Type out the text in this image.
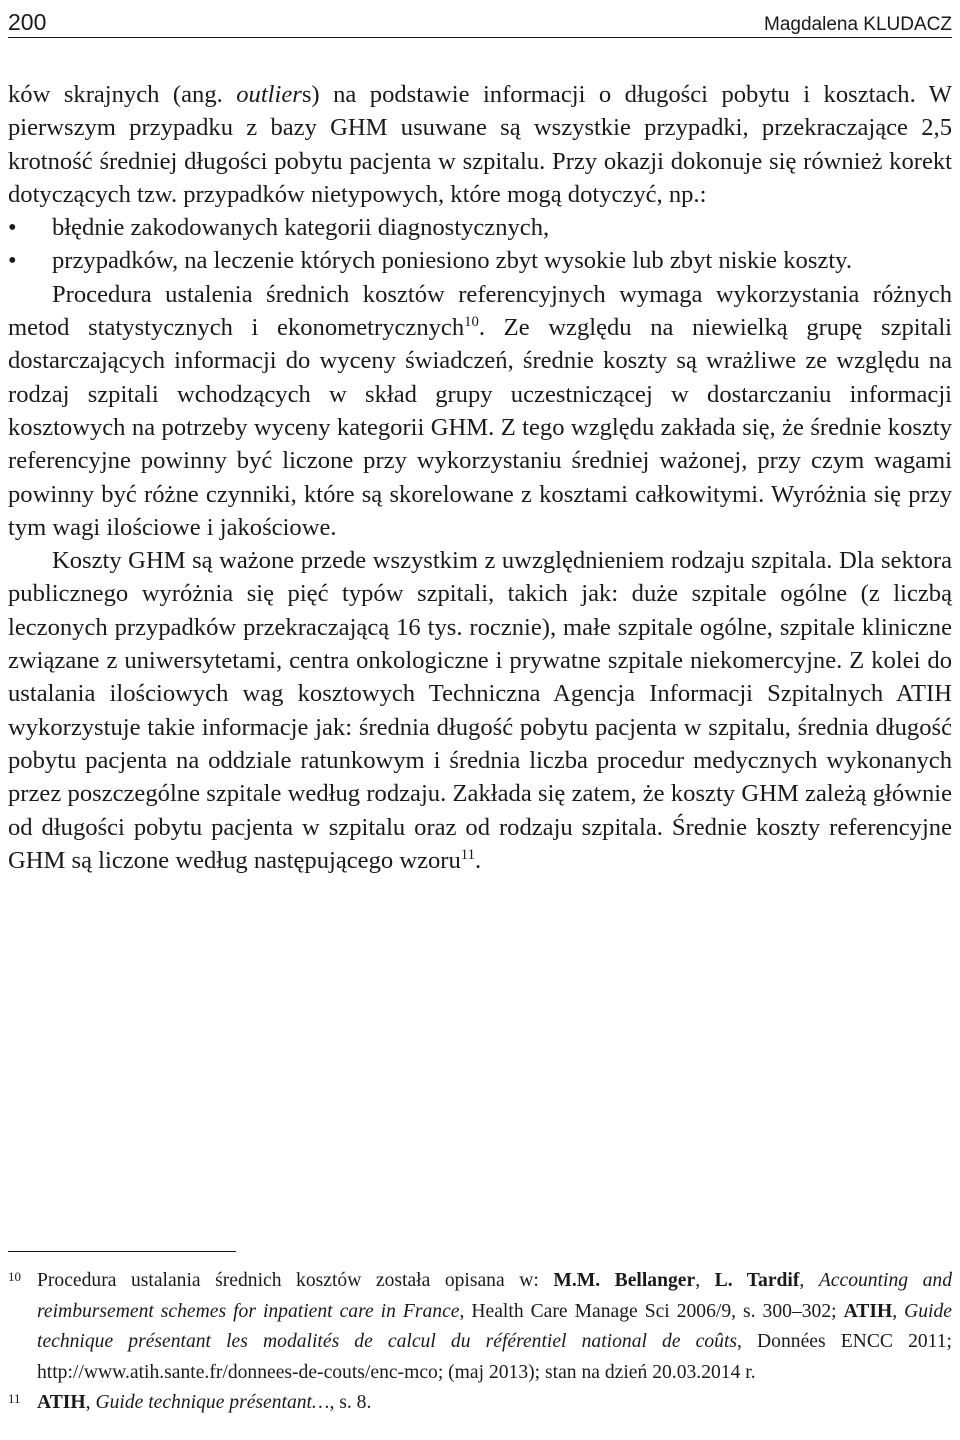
200	Magdalena KLUDACZ

ków skrajnych (ang. outliers) na podstawie informacji o długości pobytu i kosztach. W pierwszym przypadku z bazy GHM usuwane są wszystkie przypadki, przekraczające 2,5 krotność średniej długości pobytu pacjenta w szpitalu. Przy okazji dokonuje się również korekt dotyczących tzw. przypadków nietypowych, które mogą dotyczyć, np.:

• błędnie zakodowanych kategorii diagnostycznych,

• przypadków, na leczenie których poniesiono zbyt wysokie lub zbyt niskie koszty.

Procedura ustalenia średnich kosztów referencyjnych wymaga wykorzystania różnych metod statystycznych i ekonometrycznych$^{10}$. Ze względu na niewielką grupę szpitali dostarczających informacji do wyceny świadczeń, średnie koszty są wrażliwe ze względu na rodzaj szpitali wchodzących w skład grupy uczestniczącej w dostarczaniu informacji kosztowych na potrzeby wyceny kategorii GHM. Z tego względu zakłada się, że średnie koszty referencyjne powinny być liczone przy wykorzystaniu średniej ważonej, przy czym wagami powinny być różne czynniki, które są skorelowane z kosztami całkowitymi. Wyróżnia się przy tym wagi ilościowe i jakościowe.

Koszty GHM są ważone przede wszystkim z uwzględnieniem rodzaju szpitala. Dla sektora publicznego wyróżnia się pięć typów szpitali, takich jak: duże szpitale ogólne (z liczbą leczonych przypadków przekraczającą 16 tys. rocznie), małe szpitale ogólne, szpitale kliniczne związane z uniwersytetami, centra onkologiczne i prywatne szpitale niekomercyjne. Z kolei do ustalania ilościowych wag kosztowych Techniczna Agencja Informacji Szpitalnych ATIH wykorzystuje takie informacje jak: średnia długość pobytu pacjenta w szpitalu, średnia długość pobytu pacjenta na oddziale ratunkowym i średnia liczba procedur medycznych wykonanych przez poszczególne szpitale według rodzaju. Zakłada się zatem, że koszty GHM zależą głównie od długości pobytu pacjenta w szpitalu oraz od rodzaju szpitala. Średnie koszty referencyjne GHM są liczone według następującego wzoru$^{11}$.

10 Procedura ustalania średnich kosztów została opisana w: M.M. Bellanger, L. Tardif, Accounting and reimbursement schemes for inpatient care in France, Health Care Manage Sci 2006/9, s. 300–302; ATIH, Guide technique présentant les modalités de calcul du référentiel national de coûts, Données ENCC 2011; http://www.atih.sante.fr/donnees-de-couts/enc-mco; (maj 2013); stan na dzień 20.03.2014 r.

11 ATIH, Guide technique présentant…, s. 8.
